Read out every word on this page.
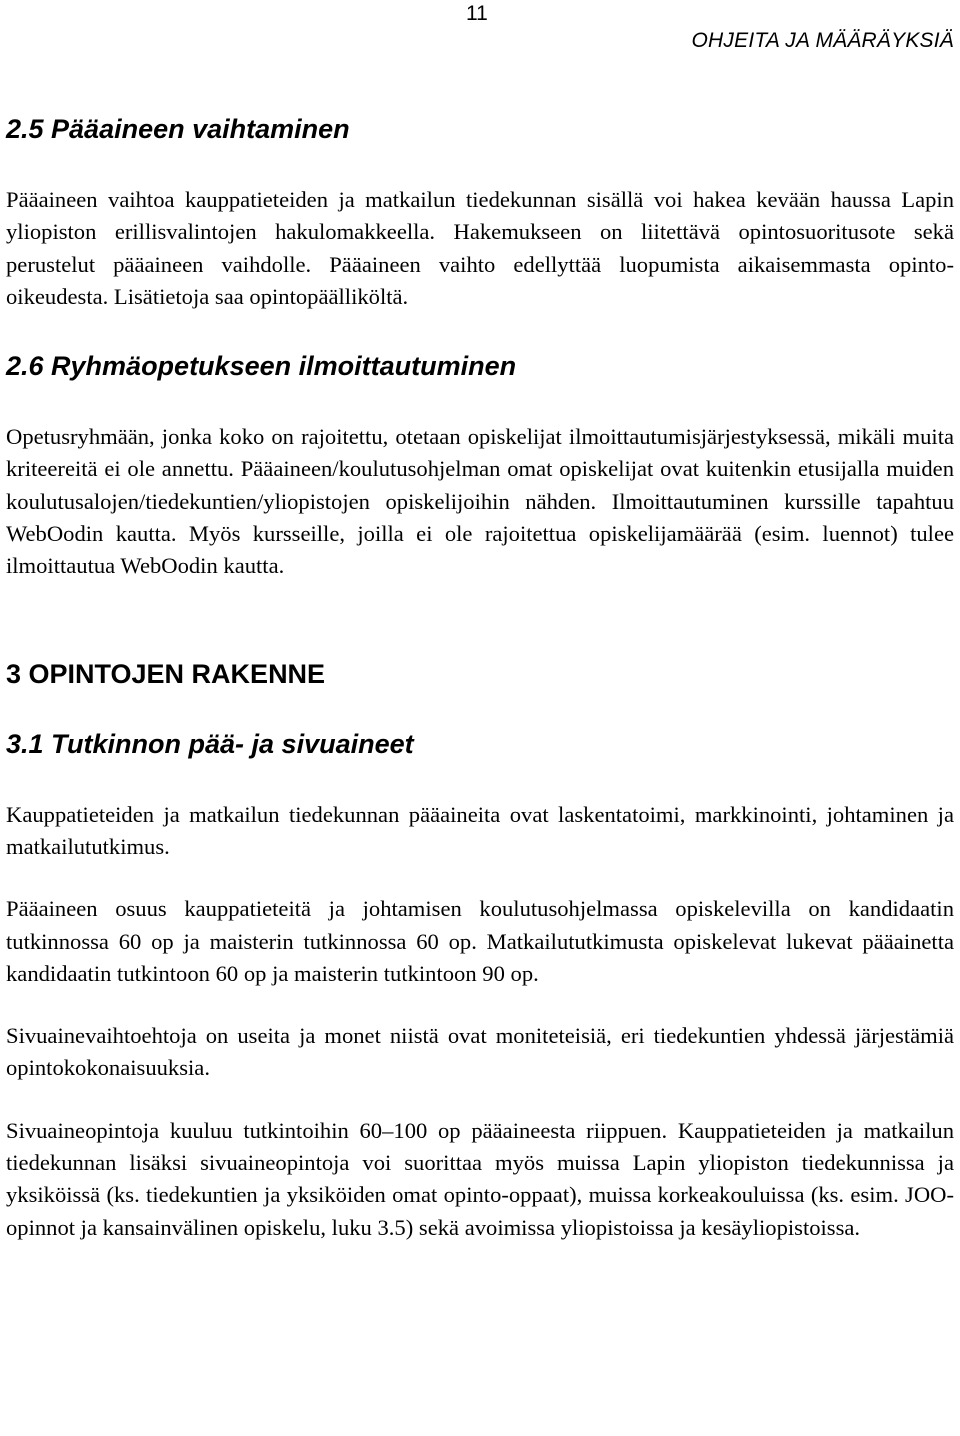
11
OHJEITA JA MÄÄRÄYKSIÄ
2.5 Pääaineen vaihtaminen

Pääaineen vaihtoa kauppatieteiden ja matkailun tiedekunnan sisällä voi hakea kevään haussa Lapin yliopiston erillisvalintojen hakulomakkeella. Hakemukseen on liitettävä opintosuoritusote sekä perustelut pääaineen vaihdolle. Pääaineen vaihto edellyttää luopumista aikaisemmasta opinto-oikeudesta. Lisätietoja saa opintopäälliköltä.

2.6 Ryhmäopetukseen ilmoittautuminen

Opetusryhmään, jonka koko on rajoitettu, otetaan opiskelijat ilmoittautumisjärjestyksessä, mikäli muita kriteereitä ei ole annettu. Pääaineen/koulutusohjelman omat opiskelijat ovat kuitenkin etusijalla muiden koulutusalojen/tiedekuntien/yliopistojen opiskelijoihin nähden. Ilmoittautuminen kurssille tapahtuu WebOodin kautta. Myös kursseille, joilla ei ole rajoitettua opiskelijamäärää (esim. luennot) tulee ilmoittautua WebOodin kautta.

3 OPINTOJEN RAKENNE
3.1 Tutkinnon pää- ja sivuaineet

Kauppatieteiden ja matkailun tiedekunnan pääaineita ovat laskentatoimi, markkinointi, johtaminen ja matkailututkimus.

Pääaineen osuus kauppatieteitä ja johtamisen koulutusohjelmassa opiskelevilla on kandidaatin tutkinnossa 60 op ja maisterin tutkinnossa 60 op. Matkailututkimusta opiskelevat lukevat pääainetta kandidaatin tutkintoon 60 op ja maisterin tutkintoon 90 op.

Sivuainevaihtoehtoja on useita ja monet niistä ovat moniteteisiä, eri tiedekuntien yhdessä järjestämiä opintokokonaisuuksia.

Sivuaineopintoja kuuluu tutkintoihin 60–100 op pääaineesta riippuen. Kauppatieteiden ja matkailun tiedekunnan lisäksi sivuaineopintoja voi suorittaa myös muissa Lapin yliopiston tiedekunnissa ja yksiköissä (ks. tiedekuntien ja yksiköiden omat opinto-oppaat), muissa korkeakouluissa (ks. esim. JOO-opinnot ja kansainvälinen opiskelu, luku 3.5) sekä avoimissa yliopistoissa ja kesäyliopistoissa.
